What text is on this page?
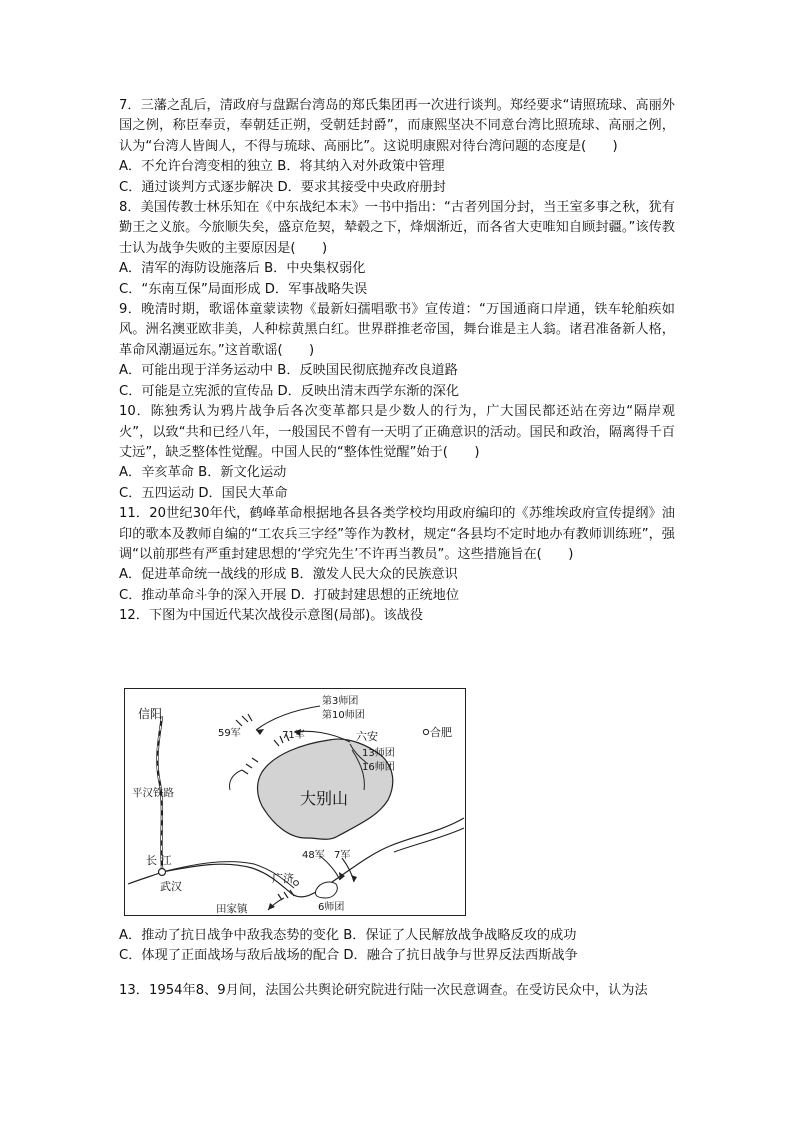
7．三藩之乱后，清政府与盘踞台湾岛的郑氏集团再一次进行谈判。郑经要求“请照琉球、高丽外国之例，称臣奉贡，奉朝廷正朔，受朝廷封爵”，而康熙坚决不同意台湾比照琉球、高丽之例，认为“台湾人皆闽人，不得与琉球、高丽比”。这说明康熙对待台湾问题的态度是(　　)

A．不允许台湾变相的独立 B．将其纳入对外政策中管理

C．通过谈判方式逐步解决 D．要求其接受中央政府册封

8．美国传教士林乐知在《中东战纪本末》一书中指出：“古者列国分封，当王室多事之秋，犹有勤王之义旅。今旅顺失矣，盛京危契，辇毂之下，烽烟渐近，而各省大吏唯知自顾封疆。”该传教士认为战争失败的主要原因是(　　)

A．清军的海防设施落后 B．中央集权弱化

C．“东南互保”局面形成 D．军事战略失误

9．晚清时期，歌谣体童蒙读物《最新妇孺唱歌书》宣传道：“万国通商口岸通，铁车轮舶疾如风。洲名澳亚欧非美，人种棕黄黑白红。世界群推老帝国，舞台谁是主人翁。诸君准备新人格，革命风潮逼远东。”这首歌谣(　　)

A．可能出现于洋务运动中 B．反映国民彻底抛弃改良道路

C．可能是立宪派的宣传品 D．反映出清末西学东渐的深化

10．陈独秀认为鸦片战争后各次变革都只是少数人的行为，广大国民都还站在旁边“隔岸观火”，以致“共和已经八年，一般国民不曾有一天明了正确意识的活动。国民和政治，隔离得千百丈远”，缺乏整体性觉醒。中国人民的“整体性觉醒”始于(　　)

A．辛亥革命 B．新文化运动

C．五四运动 D．国民大革命

11．20世纪30年代，鹤峰革命根据地各县各类学校均用政府编印的《苏维埃政府宣传提纲》油印的歌本及教师自编的“工农兵三字经”等作为教材，规定“各县均不定时地办有教师训练班”，强调“以前那些有严重封建思想的‘学究先生’不许再当教员”。这些措施旨在(　　)

A．促进革命统一战线的形成 B．激发人民大众的民族意识

C．推动革命斗争的深入开展 D．打破封建思想的正统地位

12．下图为中国近代某次战役示意图(局部)。该战役

信阳
平汉铁路
长 江
武汉
大别山
六安	合肥
广济
田家镇
59军	71军
48军 7军
第3师团
第10师团
13师团
16师团
6师团

A．推动了抗日战争中敌我态势的变化 B．保证了人民解放战争战略反攻的成功

C．体现了正面战场与敌后战场的配合 D．融合了抗日战争与世界反法西斯战争

13．1954年8、9月间，法国公共舆论研究院进行陆一次民意调查。在受访民众中，认为法
